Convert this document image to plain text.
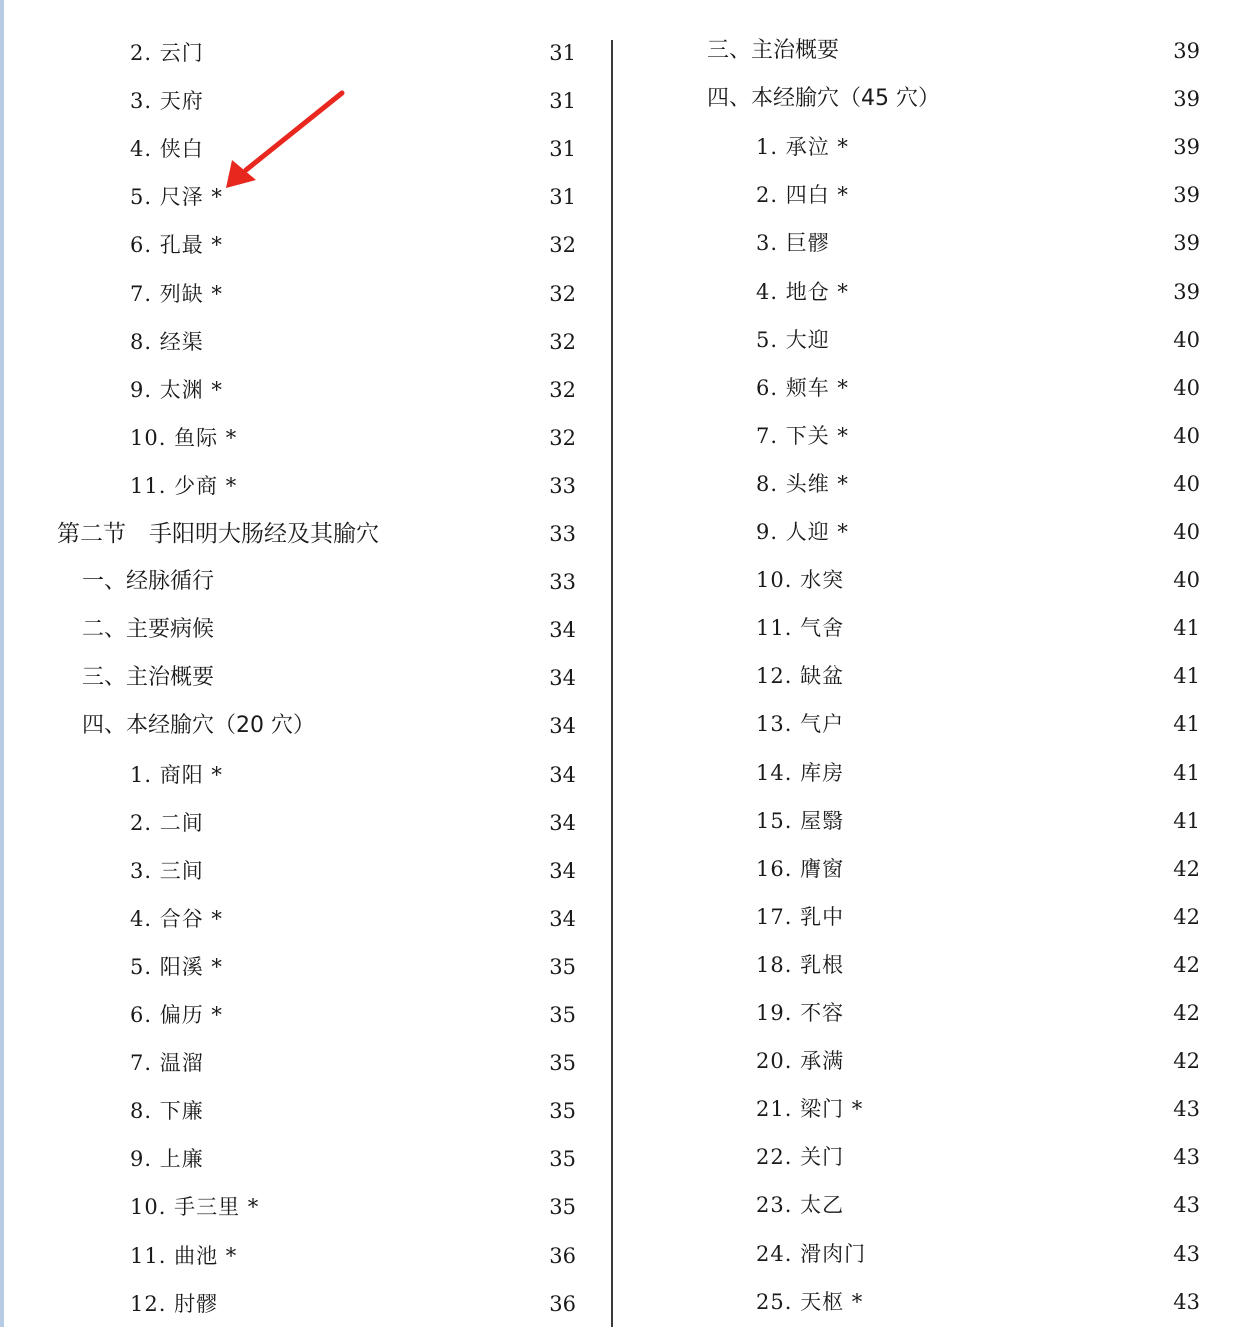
2. 云门	31
3. 天府	31
4. 侠白	31
5. 尺泽 *	31
6. 孔最 *	32
7. 列缺 *	32
8. 经渠	32
9. 太渊 *	32
10. 鱼际 *	32
11. 少商 *	33
第二节　手阳明大肠经及其腧穴	33
一、经脉循行	33
二、主要病候	34
三、主治概要	34
四、本经腧穴（20 穴）	34
1. 商阳 *	34
2. 二间	34
3. 三间	34
4. 合谷 *	34
5. 阳溪 *	35
6. 偏历 *	35
7. 温溜	35
8. 下廉	35
9. 上廉	35
10. 手三里 *	35
11. 曲池 *	36
12. 肘髎	36
三、主治概要	39
四、本经腧穴（45 穴）	39
1. 承泣 *	39
2. 四白 *	39
3. 巨髎	39
4. 地仓 *	39
5. 大迎	40
6. 颊车 *	40
7. 下关 *	40
8. 头维 *	40
9. 人迎 *	40
10. 水突	40
11. 气舍	41
12. 缺盆	41
13. 气户	41
14. 库房	41
15. 屋翳	41
16. 膺窗	42
17. 乳中	42
18. 乳根	42
19. 不容	42
20. 承满	42
21. 梁门 *	43
22. 关门	43
23. 太乙	43
24. 滑肉门	43
25. 天枢 *	43
